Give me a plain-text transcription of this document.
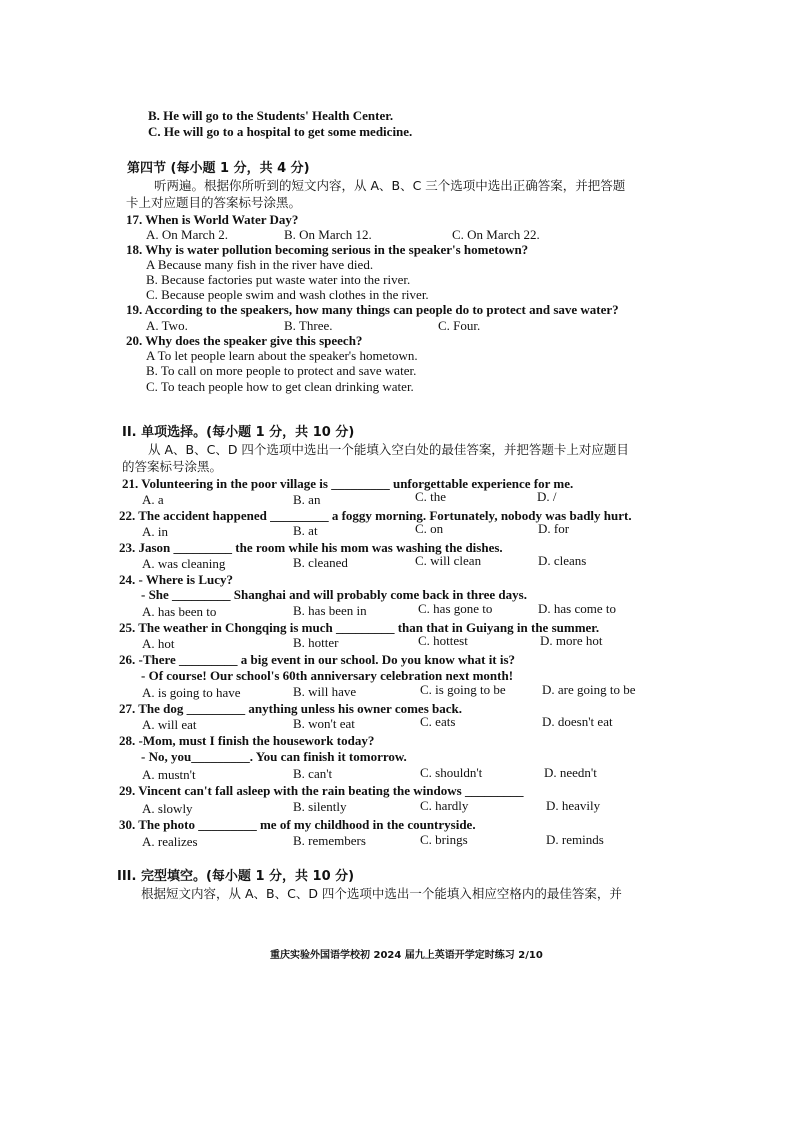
B. He will go to the Students' Health Center.
C. He will go to a hospital to get some medicine.
第四节 (每小题 1 分，共 4 分)
听两遍。根据你所听到的短文内容，从 A、B、C 三个选项中选出正确答案，并把答题
卡上对应题目的答案标号涂黑。
17. When is World Water Day?
A. On March 2.	B. On March 12.	C. On March 22.
18. Why is water pollution becoming serious in the speaker's hometown?
A Because many fish in the river have died.
B. Because factories put waste water into the river.
C. Because people swim and wash clothes in the river.
19. According to the speakers, how many things can people do to protect and save water?
A. Two.	B. Three.	C. Four.
20. Why does the speaker give this speech?
A To let people learn about the speaker's hometown.
B. To call on more people to protect and save water.
C. To teach people how to get clean drinking water.
II. 单项选择。(每小题 1 分，共 10 分)
从 A、B、C、D 四个选项中选出一个能填入空白处的最佳答案，并把答题卡上对应题目
的答案标号涂黑。
21. Volunteering in the poor village is _________ unforgettable experience for me.
A. a	B. an	C. the	D. /
22. The accident happened _________ a foggy morning. Fortunately, nobody was badly hurt.
A. in	B. at	C. on	D. for
23. Jason _________ the room while his mom was washing the dishes.
A. was cleaning	B. cleaned	C. will clean	D. cleans
24. - Where is Lucy?
- She _________ Shanghai and will probably come back in three days.
A. has been to	B. has been in	C. has gone to	D. has come to
25. The weather in Chongqing is much _________ than that in Guiyang in the summer.
A. hot	B. hotter	C. hottest	D. more hot
26. -There _________ a big event in our school. Do you know what it is?
- Of course! Our school's 60th anniversary celebration next month!
A. is going to have	B. will have	C. is going to be	D. are going to be
27. The dog _________ anything unless his owner comes back.
A. will eat	B. won't eat	C. eats	D. doesn't eat
28. -Mom, must I finish the housework today?
- No, you_________. You can finish it tomorrow.
A. mustn't	B. can't	C. shouldn't	D. needn't
29. Vincent can't fall asleep with the rain beating the windows _________
A. slowly	B. silently	C. hardly	D. heavily
30. The photo _________ me of my childhood in the countryside.
A. realizes	B. remembers	C. brings	D. reminds
III. 完型填空。(每小题 1 分，共 10 分)
根据短文内容，从 A、B、C、D 四个选项中选出一个能填入相应空格内的最佳答案，并
重庆实验外国语学校初 2024 届九上英语开学定时练习 2/10
